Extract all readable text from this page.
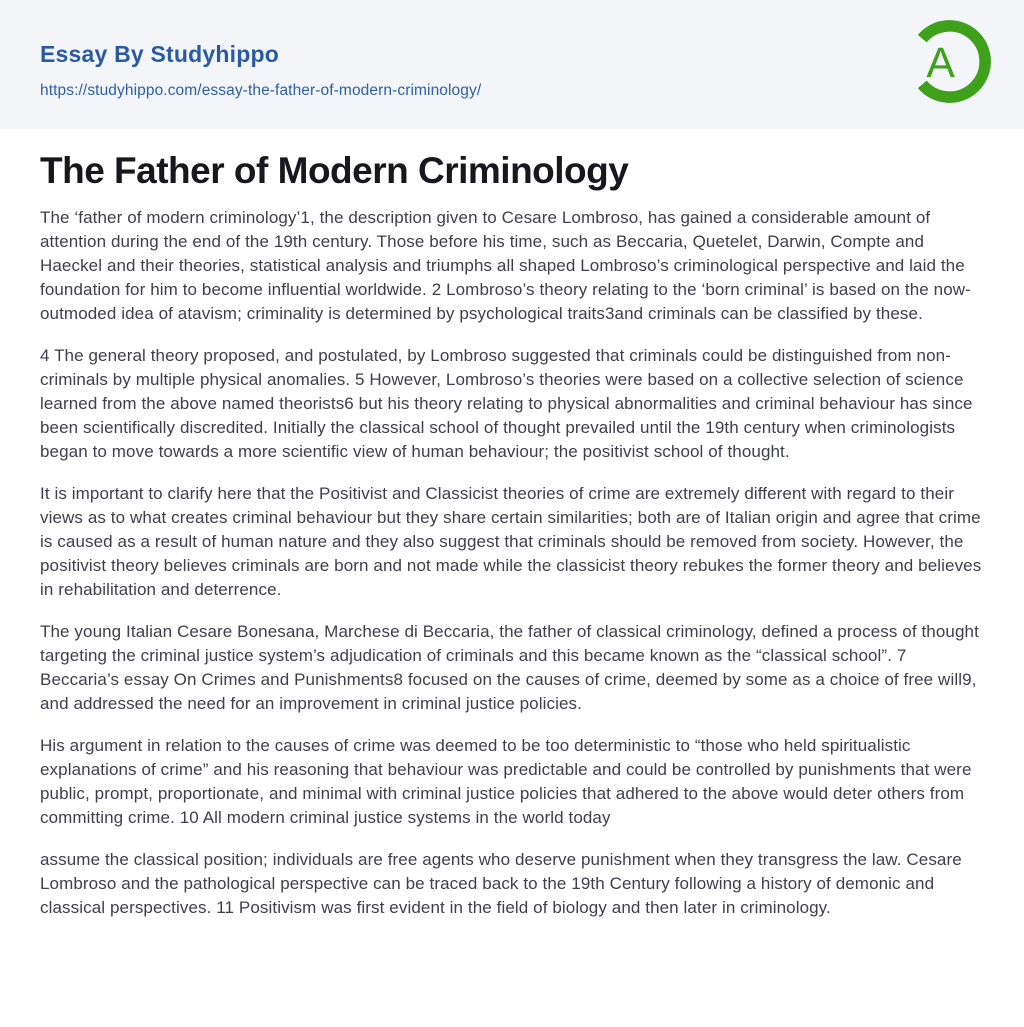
Essay By Studyhippo
https://studyhippo.com/essay-the-father-of-modern-criminology/
A
The Father of Modern Criminology

The ‘father of modern criminology’1, the description given to Cesare Lombroso, has gained a considerable amount of attention during the end of the 19th century. Those before his time, such as Beccaria, Quetelet, Darwin, Compte and Haeckel and their theories, statistical analysis and triumphs all shaped Lombroso’s criminological perspective and laid the foundation for him to become influential worldwide. 2 Lombroso’s theory relating to the ‘born criminal’ is based on the now-outmoded idea of atavism; criminality is determined by psychological traits3and criminals can be classified by these.

4 The general theory proposed, and postulated, by Lombroso suggested that criminals could be distinguished from non-criminals by multiple physical anomalies. 5 However, Lombroso’s theories were based on a collective selection of science learned from the above named theorists6 but his theory relating to physical abnormalities and criminal behaviour has since been scientifically discredited. Initially the classical school of thought prevailed until the 19th century when criminologists began to move towards a more scientific view of human behaviour; the positivist school of thought.

It is important to clarify here that the Positivist and Classicist theories of crime are extremely different with regard to their views as to what creates criminal behaviour but they share certain similarities; both are of Italian origin and agree that crime is caused as a result of human nature and they also suggest that criminals should be removed from society. However, the positivist theory believes criminals are born and not made while the classicist theory rebukes the former theory and believes in rehabilitation and deterrence.

The young Italian Cesare Bonesana, Marchese di Beccaria, the father of classical criminology, defined a process of thought targeting the criminal justice system’s adjudication of criminals and this became known as the “classical school”. 7 Beccaria’s essay On Crimes and Punishments8 focused on the causes of crime, deemed by some as a choice of free will9, and addressed the need for an improvement in criminal justice policies.

His argument in relation to the causes of crime was deemed to be too deterministic to “those who held spiritualistic explanations of crime” and his reasoning that behaviour was predictable and could be controlled by punishments that were public, prompt, proportionate, and minimal with criminal justice policies that adhered to the above would deter others from committing crime. 10 All modern criminal justice systems in the world today

assume the classical position; individuals are free agents who deserve punishment when they transgress the law. Cesare Lombroso and the pathological perspective can be traced back to the 19th Century following a history of demonic and classical perspectives. 11 Positivism was first evident in the field of biology and then later in criminology.
